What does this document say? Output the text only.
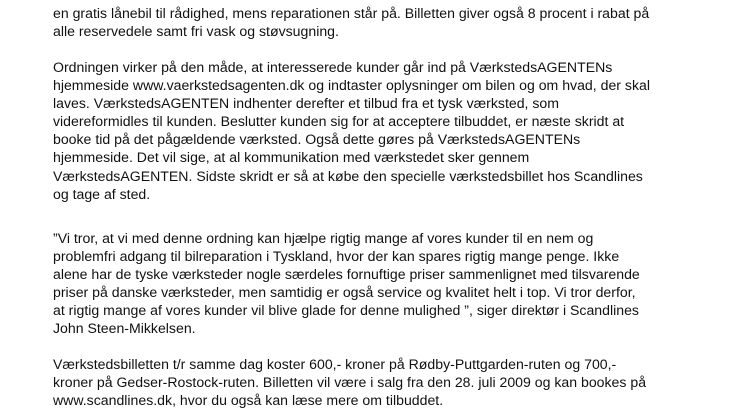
en gratis lånebil til rådighed, mens reparationen står på. Billetten giver også 8 procent i rabat på
alle reservedele samt fri vask og støvsugning.
Ordningen virker på den måde, at interesserede kunder går ind på VærkstedsAGENTENs
hjemmeside www.vaerkstedsagenten.dk og indtaster oplysninger om bilen og om hvad, der skal
laves. VærkstedsAGENTEN indhenter derefter et tilbud fra et tysk værksted, som
videreformidles til kunden. Beslutter kunden sig for at acceptere tilbuddet, er næste skridt at
booke tid på det pågældende værksted. Også dette gøres på VærkstedsAGENTENs
hjemmeside. Det vil sige, at al kommunikation med værkstedet sker gennem
VærkstedsAGENTEN. Sidste skridt er så at købe den specielle værkstedsbillet hos Scandlines
og tage af sted.
”Vi tror, at vi med denne ordning kan hjælpe rigtig mange af vores kunder til en nem og
problemfri adgang til bilreparation i Tyskland, hvor der kan spares rigtig mange penge. Ikke
alene har de tyske værksteder nogle særdeles fornuftige priser sammenlignet med tilsvarende
priser på danske værksteder, men samtidig er også service og kvalitet helt i top. Vi tror derfor,
at rigtig mange af vores kunder vil blive glade for denne mulighed ”, siger direktør i Scandlines
John Steen-Mikkelsen.
Værkstedsbilletten t/r samme dag koster 600,- kroner på Rødby-Puttgarden-ruten og 700,-
kroner på Gedser-Rostock-ruten. Billetten vil være i salg fra den 28. juli 2009 og kan bookes på
www.scandlines.dk, hvor du også kan læse mere om tilbuddet.
